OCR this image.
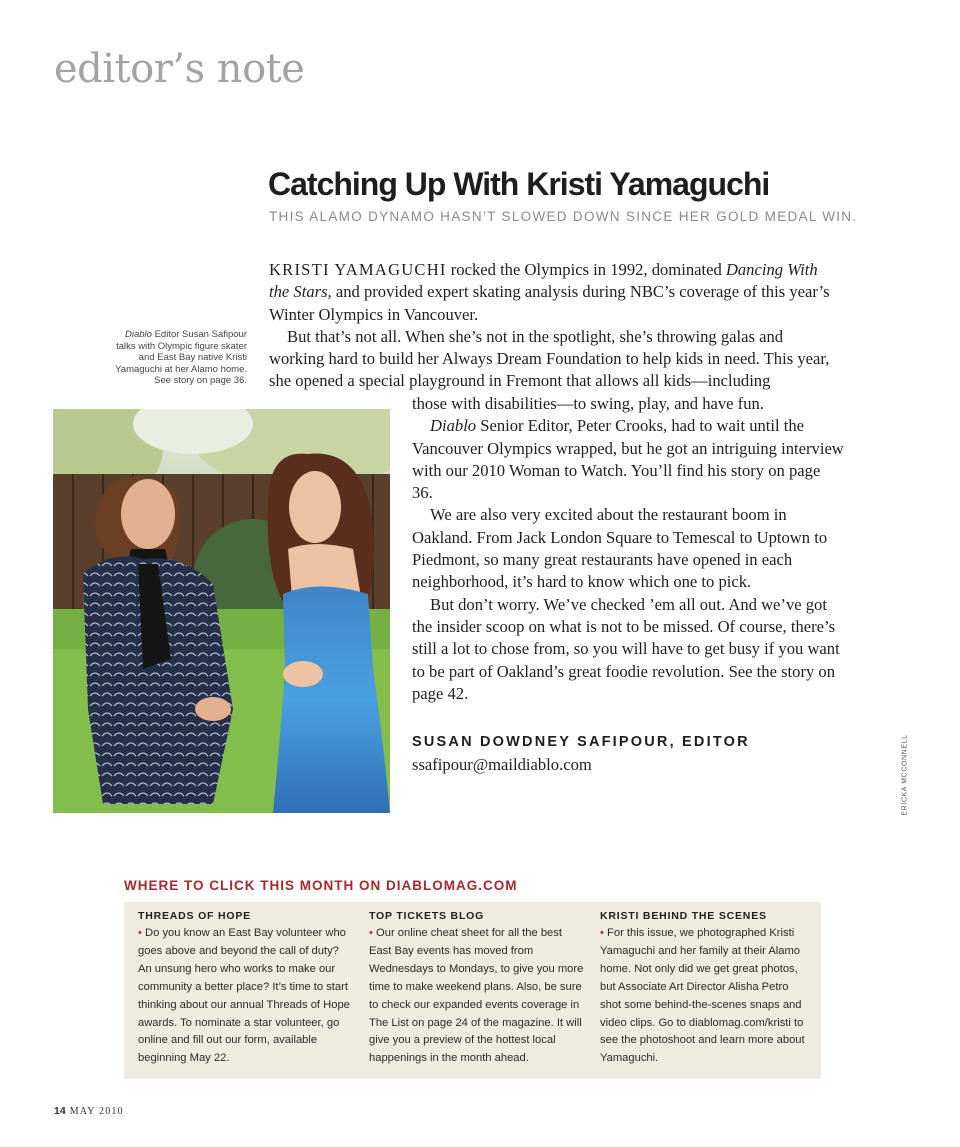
editor’s note
Catching Up With Kristi Yamaguchi
THIS ALAMO DYNAMO HASN’T SLOWED DOWN SINCE HER GOLD MEDAL WIN.

KRISTI YAMAGUCHI rocked the Olympics in 1992, dominated Dancing With the Stars, and provided expert skating analysis during NBC’s coverage of this year’s Winter Olympics in Vancouver.

But that’s not all. When she’s not in the spotlight, she’s throwing galas and working hard to build her Always Dream Foundation to help kids in need. This year, she opened a special playground in Fremont that allows all kids—including

those with disabilities—to swing, play, and have fun.

Diablo Senior Editor, Peter Crooks, had to wait until the Vancouver Olympics wrapped, but he got an intriguing interview with our 2010 Woman to Watch. You’ll find his story on page 36.

We are also very excited about the restaurant boom in Oakland. From Jack London Square to Temescal to Uptown to Piedmont, so many great restaurants have opened in each neighborhood, it’s hard to know which one to pick.

But don’t worry. We’ve checked ’em all out. And we’ve got the insider scoop on what is not to be missed. Of course, there’s still a lot to chose from, so you will have to get busy if you want to be part of Oakland’s great foodie revolution. See the story on page 42.

SUSAN DOWDNEY SAFIPOUR, EDITOR
ssafipour@maildiablo.com
Diablo Editor Susan Safipour talks with Olympic figure skater and East Bay native Kristi Yamaguchi at her Alamo home. See story on page 36.
ERICKA MCCONNELL
WHERE TO CLICK THIS MONTH ON DIABLOMAG.COM
THREADS OF HOPE

• Do you know an East Bay volunteer who goes above and beyond the call of duty? An unsung hero who works to make our community a better place? It’s time to start thinking about our annual Threads of Hope awards. To nominate a star volunteer, go online and fill out our form, available beginning May 22.

TOP TICKETS BLOG

• Our online cheat sheet for all the best East Bay events has moved from Wednesdays to Mondays, to give you more time to make weekend plans. Also, be sure to check our expanded events coverage in The List on page 24 of the magazine. It will give you a preview of the hottest local happenings in the month ahead.

KRISTI BEHIND THE SCENES

• For this issue, we photographed Kristi Yamaguchi and her family at their Alamo home. Not only did we get great photos, but Associate Art Director Alisha Petro shot some behind-the-scenes snaps and video clips. Go to diablomag.com/kristi to see the photoshoot and learn more about Yamaguchi.

14 MAY 2010
